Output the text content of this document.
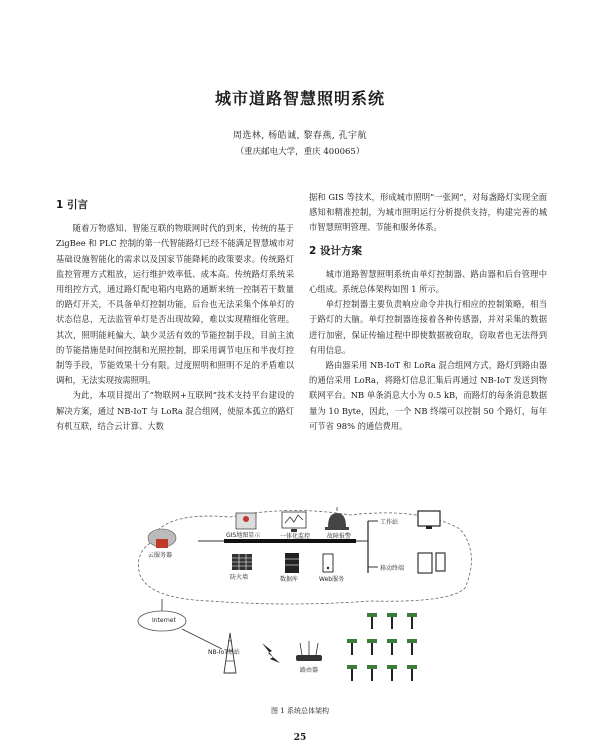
城市道路智慧照明系统
周选林, 杨皓诚, 黎春燕, 孔宇航
（重庆邮电大学，重庆 400065）
1 引言

随着万物感知、智能互联的物联网时代的到来，传统的基于 ZigBee 和 PLC 控制的第一代智能路灯已经不能满足智慧城市对基础设施智能化的需求以及国家节能降耗的政策要求。传统路灯监控管理方式粗放，运行维护效率低、成本高。传统路灯系统采用组控方式，通过路灯配电箱内电路的通断来统一控制若干数量的路灯开关，不具备单灯控制功能，后台也无法采集个体单灯的状态信息，无法监管单灯是否出现故障，难以实现精细化管理。其次，照明能耗偏大，缺少灵活有效的节能控制手段，目前主流的节能措施是时间控制和光照控制，即采用调节电压和半夜灯控制等手段，节能效果十分有限。过度照明和照明不足的矛盾难以调和，无法实现按需照明。

为此，本项目提出了“物联网+互联网”技术支持平台建设的解决方案，通过 NB-IoT 与 LoRa 混合组网，使原本孤立的路灯有机互联，结合云计算、大数

据和 GIS 等技术，形成城市照明“一张网”，对每盏路灯实现全面感知和精准控制，为城市照明运行分析提供支持，构建完善的城市智慧照明管理、节能和服务体系。

2 设计方案

城市道路智慧照明系统由单灯控制器、路由器和后台管理中心组成。系统总体架构如图 1 所示。

单灯控制器主要负责响应命令并执行相应的控制策略，相当于路灯的大脑。单灯控制器连接着各种传感器，并对采集的数据进行加密，保证传输过程中即使数据被窃取，窃取者也无法得到有用信息。

路由器采用 NB-IoT 和 LoRa 混合组网方式，路灯到路由器的通信采用 LoRa，将路灯信息汇集后再通过 NB-IoT 发送到物联网平台。NB 单条消息大小为 0.5 kB，而路灯的每条消息数据量为 10 Byte，因此，一个 NB 终端可以控制 50 个路灯，每年可节省 98% 的通信费用。

云服务器
GIS地图显示	一体化监控	故障报警
防火墙	数据库	Web服务
工作站
移动终端
Internet
NB-IoT基站
路由器
图 1 系统总体架构
25
